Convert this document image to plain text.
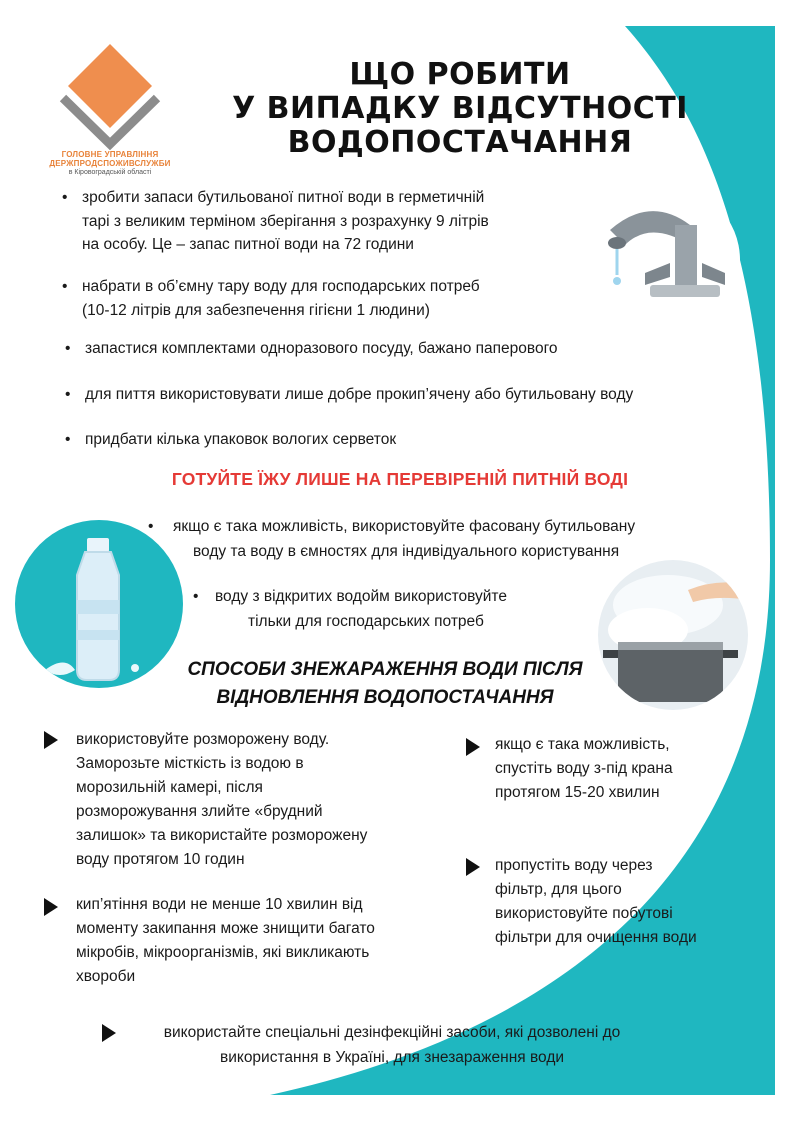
ГОЛОВНЕ УПРАВЛІННЯ
ДЕРЖПРОДСПОЖИВСЛУЖБИ
в Кіровоградській області
ЩО РОБИТИ
У ВИПАДКУ ВІДСУТНОСТІ
ВОДОПОСТАЧАННЯ
• зробити запаси бутильованої питної води в герметичній
тарі з великим терміном зберігання з розрахунку 9 літрів
на особу. Це – запас питної води на 72 години
• набрати в об’ємну тару воду для господарських потреб
(10-12 літрів для забезпечення гігієни 1 людини)
• запастися комплектами одноразового посуду, бажано паперового
• для пиття використовувати лише добре прокип’ячену або бутильовану воду
• придбати кілька упаковок вологих серветок
ГОТУЙТЕ ЇЖУ ЛИШЕ НА ПЕРЕВІРЕНІЙ ПИТНІЙ ВОДІ
• якщо є така можливість, використовуйте фасовану бутильовану
воду та воду в ємностях для індивідуального користування
• воду з відкритих водойм використовуйте
тільки для господарських потреб
СПОСОБИ ЗНЕЖАРАЖЕННЯ ВОДИ ПІСЛЯ
ВІДНОВЛЕННЯ ВОДОПОСТАЧАННЯ
використовуйте розморожену воду.
Заморозьте місткість із водою в
морозильній камері, після
розморожування злийте «брудний
залишок» та використайте розморожену
воду протягом 10 годин
кип’ятіння води не менше 10 хвилин від
моменту закипання може знищити багато
мікробів, мікроорганізмів, які викликають
хвороби
якщо є така можливість,
спустіть воду з-під крана
протягом 15-20 хвилин
пропустіть воду через
фільтр, для цього
використовуйте побутові
фільтри для очищення води
використайте спеціальні дезінфекційні засоби, які дозволені до
використання в Україні, для знезараження води
